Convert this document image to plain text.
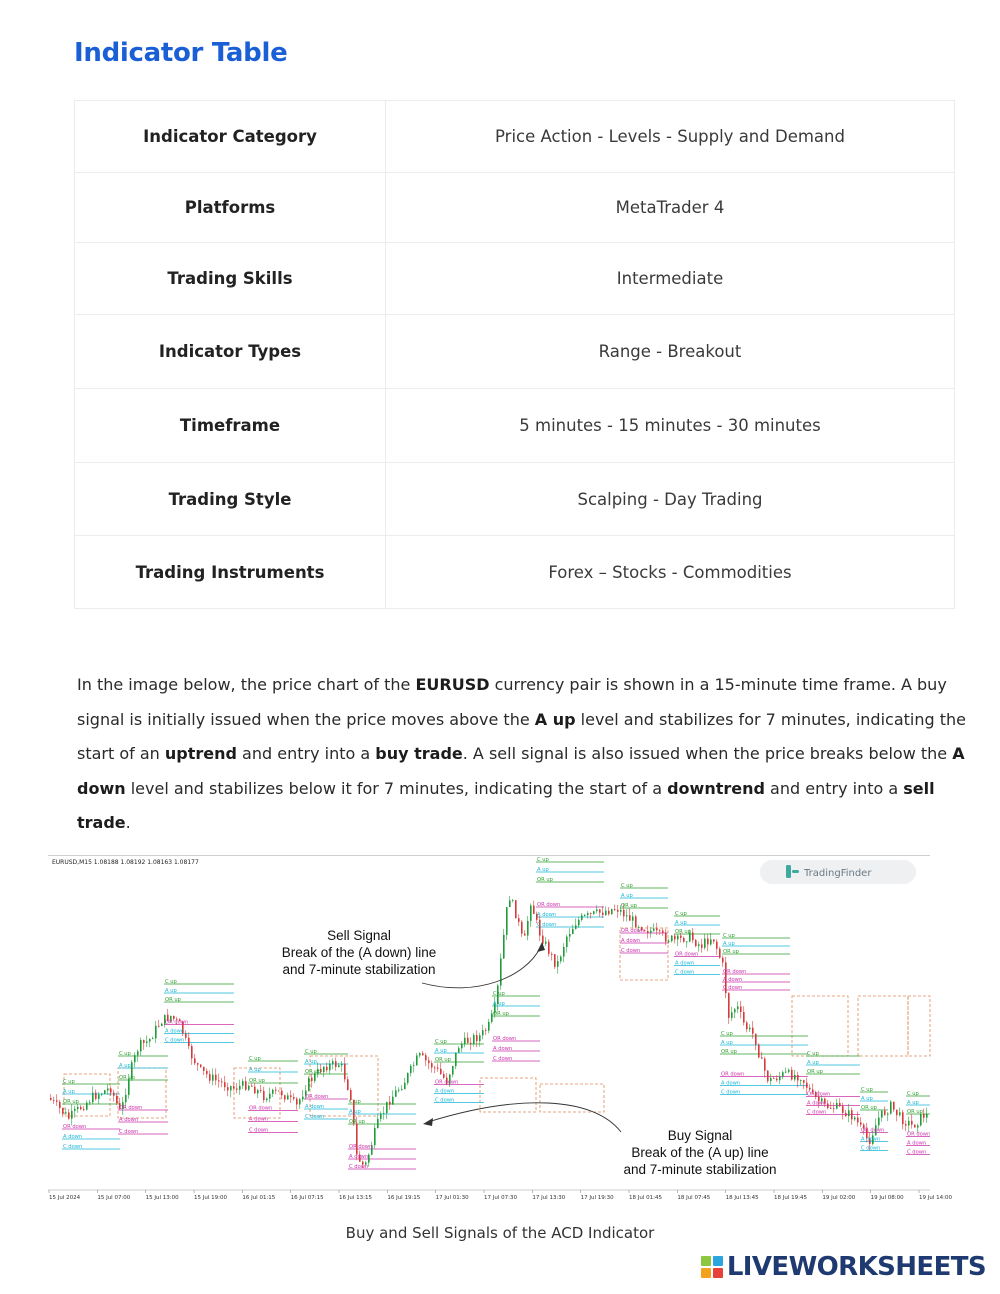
Indicator Table
Indicator Category	Price Action - Levels - Supply and Demand
Platforms	MetaTrader 4
Trading Skills	Intermediate
Indicator Types	Range - Breakout
Timeframe	5 minutes - 15 minutes - 30 minutes
Trading Style	Scalping - Day Trading
Trading Instruments	Forex – Stocks - Commodities
In the image below, the price chart of the EURUSD currency pair is shown in a 15-minute time frame. A buy signal is initially issued when the price moves above the A up level and stabilizes for 7 minutes, indicating the start of an uptrend and entry into a buy trade. A sell signal is also issued when the price breaks below the A down level and stabilizes below it for 7 minutes, indicating the start of a downtrend and entry into a sell trade.
C up
A up
OR up
OR down
A down
C down
C up
A up
OR up
OR down
A down
C down
C up
A up
OR up
OR down
A down
C down
C up
A up
OR up
OR down
A down
C down
C up
A up
OR up
OR down
A down
C down
C up
A up
OR up
OR down
A down
C down
C up
A up
OR up
OR down
A down
C down
C up
A up
OR up
OR down
A down
C down
C up
A up
OR up
OR down
A down
C down
C up
A up
OR up
OR down
A down
C down
C up
A up
OR up
OR down
A down
C down
C up
A up
OR up
OR down
A down
C down
C up
A up
OR up
OR down
A down
C down
C up
A up
OR up
OR down
A down
C down
C up
A up
OR up
OR down
A down
C down
C up
A up
OR up
OR down
A down
C down
EURUSD,M15 1.08188 1.08192 1.08163 1.08177
TradingFinder
Sell Signal
Break of the (A down) line
and 7-minute stabilization
Buy Signal
Break of the (A up) line
and 7-minute stabilization
15 Jul 2024	15 Jul 07:00	15 Jul 13:00	15 Jul 19:00	16 Jul 01:15	16 Jul 07:15	16 Jul 13:15	16 Jul 19:15	17 Jul 01:30	17 Jul 07:30	17 Jul 13:30	17 Jul 19:30	18 Jul 01:45	18 Jul 07:45	18 Jul 13:45	18 Jul 19:45	19 Jul 02:00	19 Jul 08:00	19 Jul 14:00
Buy and Sell Signals of the ACD Indicator
LIVEWORKSHEETS
